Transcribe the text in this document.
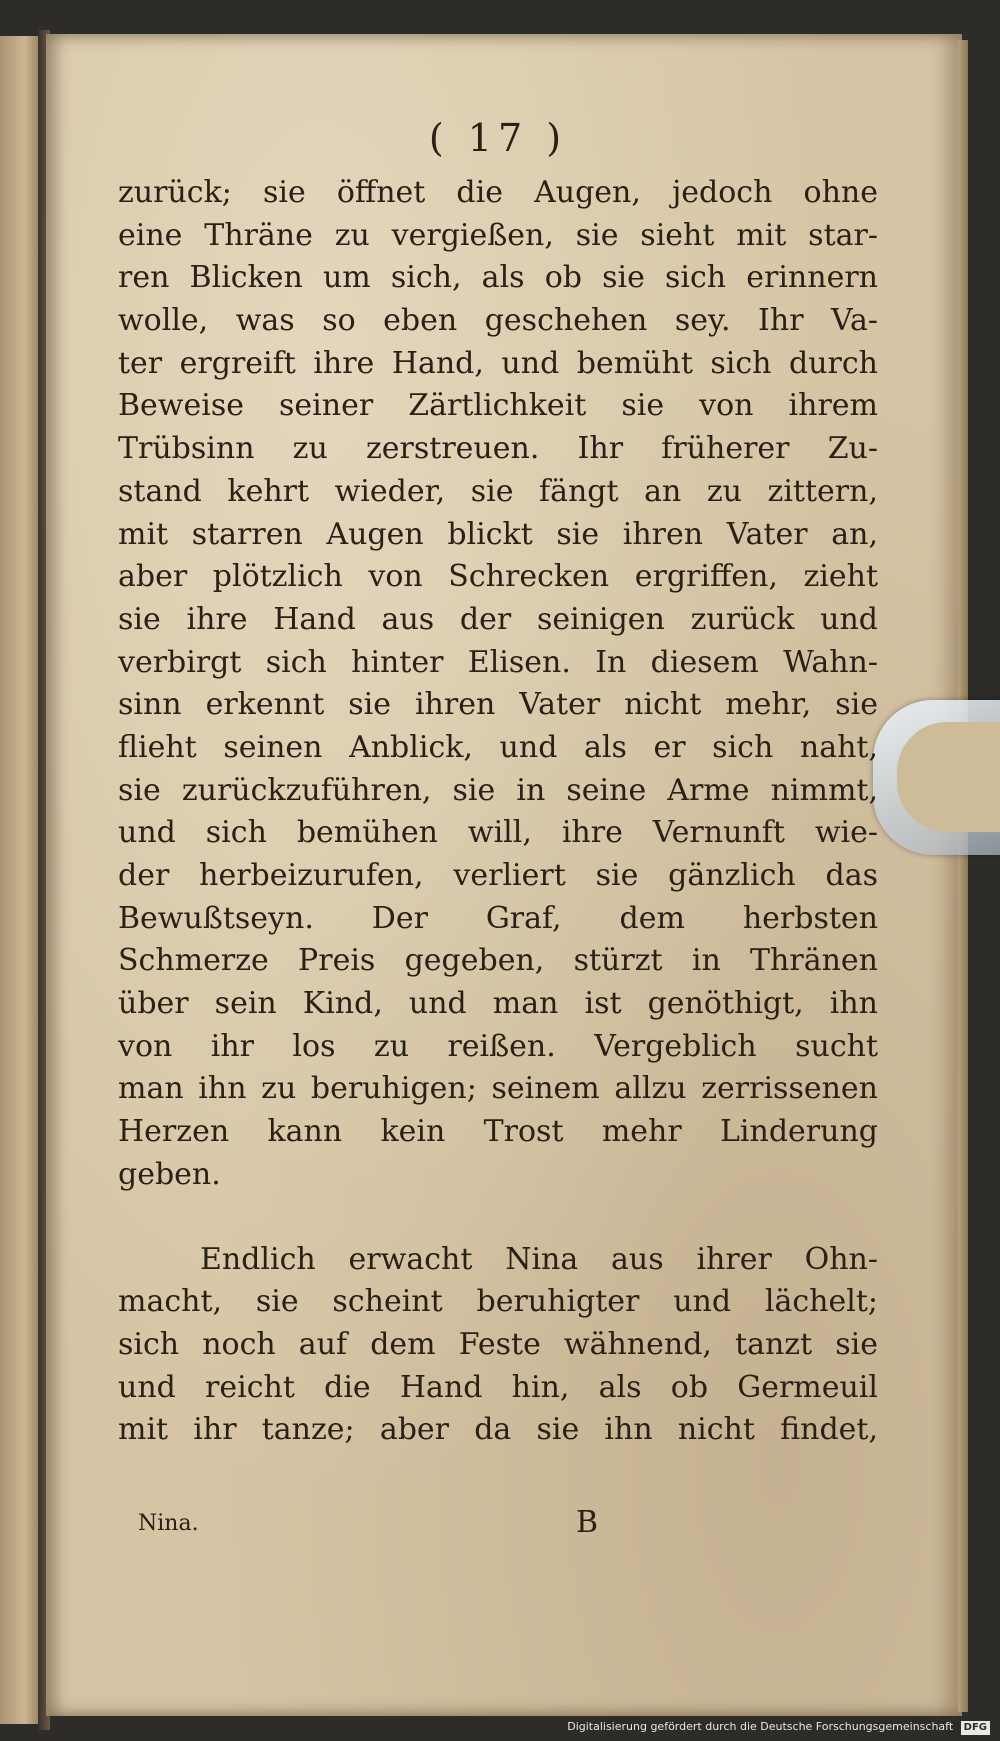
( 17 )
zurück; sie öffnet die Augen, jedoch ohne
eine Thräne zu vergießen, sie sieht mit star-
ren Blicken um sich, als ob sie sich erinnern
wolle, was so eben geschehen sey. Ihr Va-
ter ergreift ihre Hand, und bemüht sich durch
Beweise seiner Zärtlichkeit sie von ihrem
Trübsinn zu zerstreuen. Ihr früherer Zu-
stand kehrt wieder, sie fängt an zu zittern,
mit starren Augen blickt sie ihren Vater an,
aber plötzlich von Schrecken ergriffen, zieht
sie ihre Hand aus der seinigen zurück und
verbirgt sich hinter Elisen. In diesem Wahn-
sinn erkennt sie ihren Vater nicht mehr, sie
flieht seinen Anblick, und als er sich naht,
sie zurückzuführen, sie in seine Arme nimmt,
und sich bemühen will, ihre Vernunft wie-
der herbeizurufen, verliert sie gänzlich das
Bewußtseyn. Der Graf, dem herbsten
Schmerze Preis gegeben, stürzt in Thränen
über sein Kind, und man ist genöthigt, ihn
von ihr los zu reißen. Vergeblich sucht
man ihn zu beruhigen; seinem allzu zerrissenen
Herzen kann kein Trost mehr Linderung
geben.
Endlich erwacht Nina aus ihrer Ohn-
macht, sie scheint beruhigter und lächelt;
sich noch auf dem Feste wähnend, tanzt sie
und reicht die Hand hin, als ob Germeuil
mit ihr tanze; aber da sie ihn nicht findet,
Nina.	B
Digitalisierung gefördert durch die Deutsche Forschungsgemeinschaft DFG
